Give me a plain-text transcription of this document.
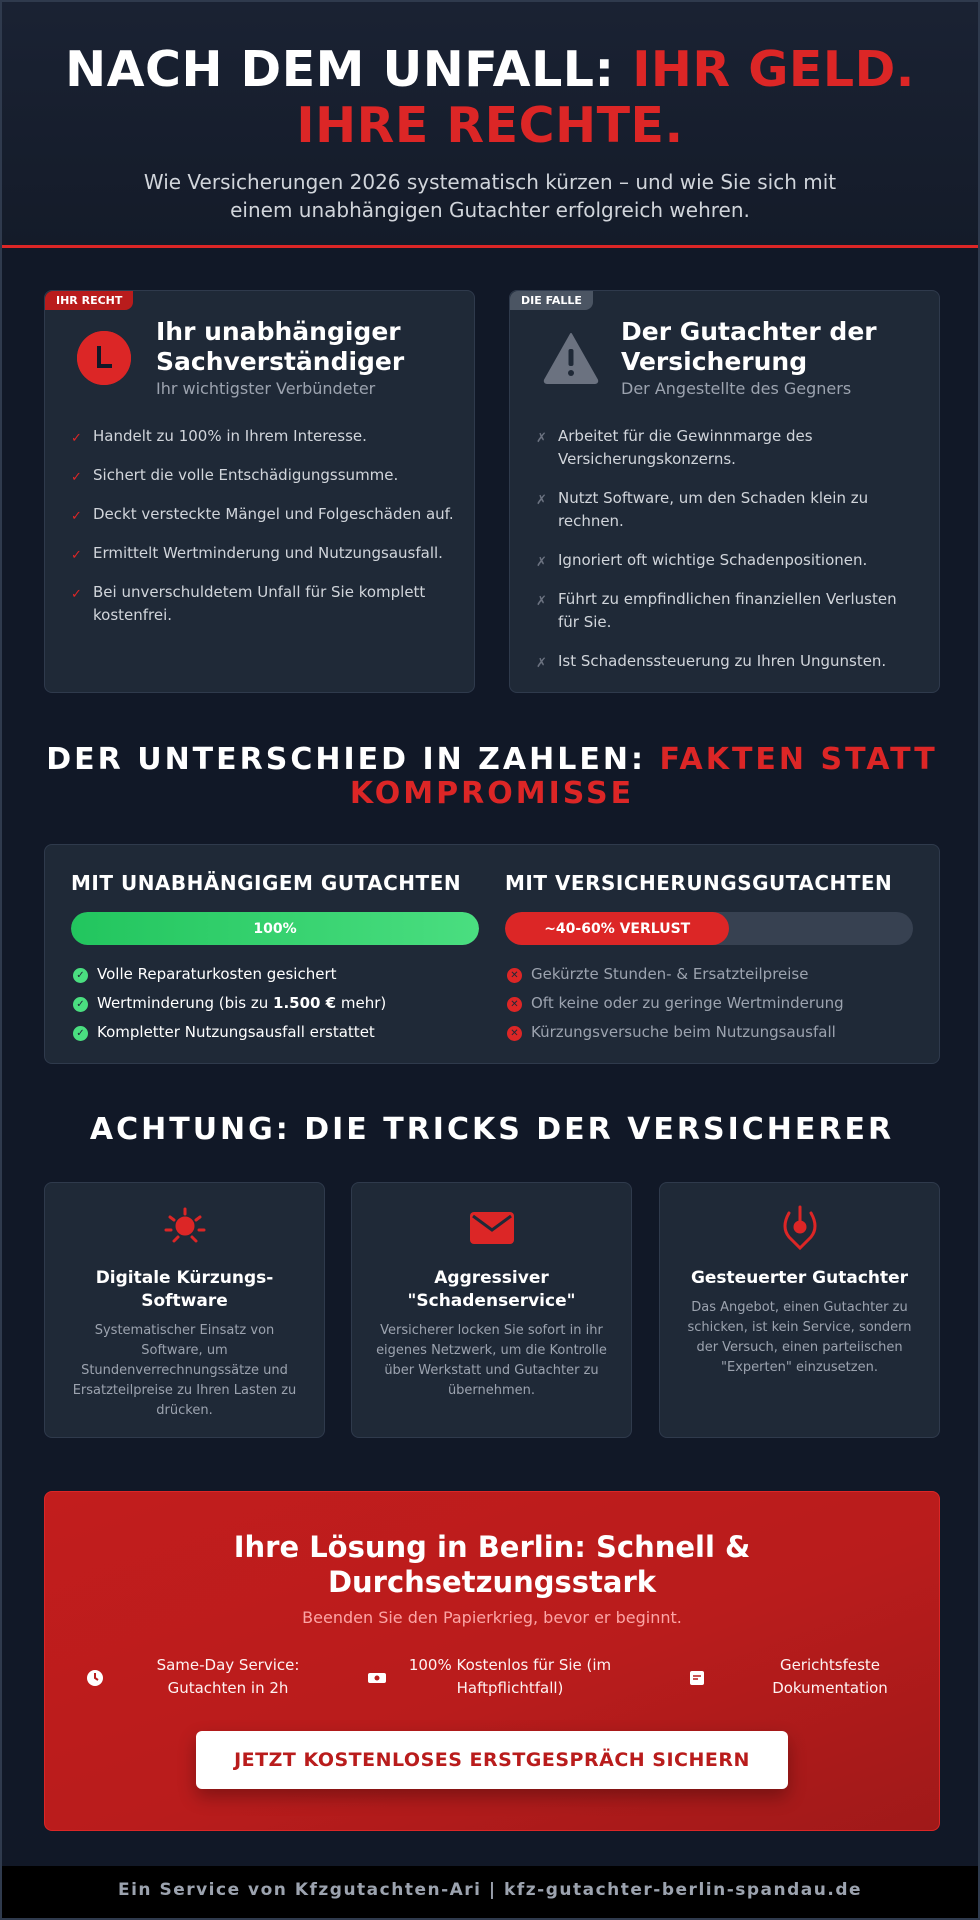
NACH DEM UNFALL: IHR GELD.
IHRE RECHTE.

Wie Versicherungen 2026 systematisch kürzen – und wie Sie sich mit einem unabhängigen Gutachter erfolgreich wehren.

IHR RECHT
Ihr unabhängiger Sachverständiger
Ihr wichtigster Verbündeter
✓ Handelt zu 100% in Ihrem Interesse.
✓ Sichert die volle Entschädigungssumme.
✓ Deckt versteckte Mängel und Folgeschäden auf.
✓ Ermittelt Wertminderung und Nutzungsausfall.
✓ Bei unverschuldetem Unfall für Sie komplett kostenfrei.
DIE FALLE
Der Gutachter der Versicherung
Der Angestellte des Gegners
✗ Arbeitet für die Gewinnmarge des Versicherungskonzerns.
✗ Nutzt Software, um den Schaden klein zu rechnen.
✗ Ignoriert oft wichtige Schadenpositionen.
✗ Führt zu empfindlichen finanziellen Verlusten für Sie.
✗ Ist Schadenssteuerung zu Ihren Ungunsten.
DER UNTERSCHIED IN ZAHLEN: FAKTEN STATT KOMPROMISSE
MIT UNABHÄNGIGEM GUTACHTEN
100%
✓ Volle Reparaturkosten gesichert
✓ Wertminderung (bis zu 1.500 € mehr)
✓ Kompletter Nutzungsausfall erstattet
MIT VERSICHERUNGSGUTACHTEN
~40-60% VERLUST
✕ Gekürzte Stunden- & Ersatzteilpreise
✕ Oft keine oder zu geringe Wertminderung
✕ Kürzungsversuche beim Nutzungsausfall
ACHTUNG: DIE TRICKS DER VERSICHERER
Digitale Kürzungs-Software
Systematischer Einsatz von Software, um Stundenverrechnungssätze und Ersatzteilpreise zu Ihren Lasten zu drücken.
Aggressiver "Schadenservice"
Versicherer locken Sie sofort in ihr eigenes Netzwerk, um die Kontrolle über Werkstatt und Gutachter zu übernehmen.
Gesteuerter Gutachter
Das Angebot, einen Gutachter zu schicken, ist kein Service, sondern der Versuch, einen parteiischen "Experten" einzusetzen.
Ihre Lösung in Berlin: Schnell & Durchsetzungsstark
Beenden Sie den Papierkrieg, bevor er beginnt.
Same-Day Service: Gutachten in 2h
100% Kostenlos für Sie (im Haftpflichtfall)
Gerichtsfeste Dokumentation
JETZT KOSTENLOSES ERSTGESPRÄCH SICHERN
Ein Service von Kfzgutachten-Ari | kfz-gutachter-berlin-spandau.de
